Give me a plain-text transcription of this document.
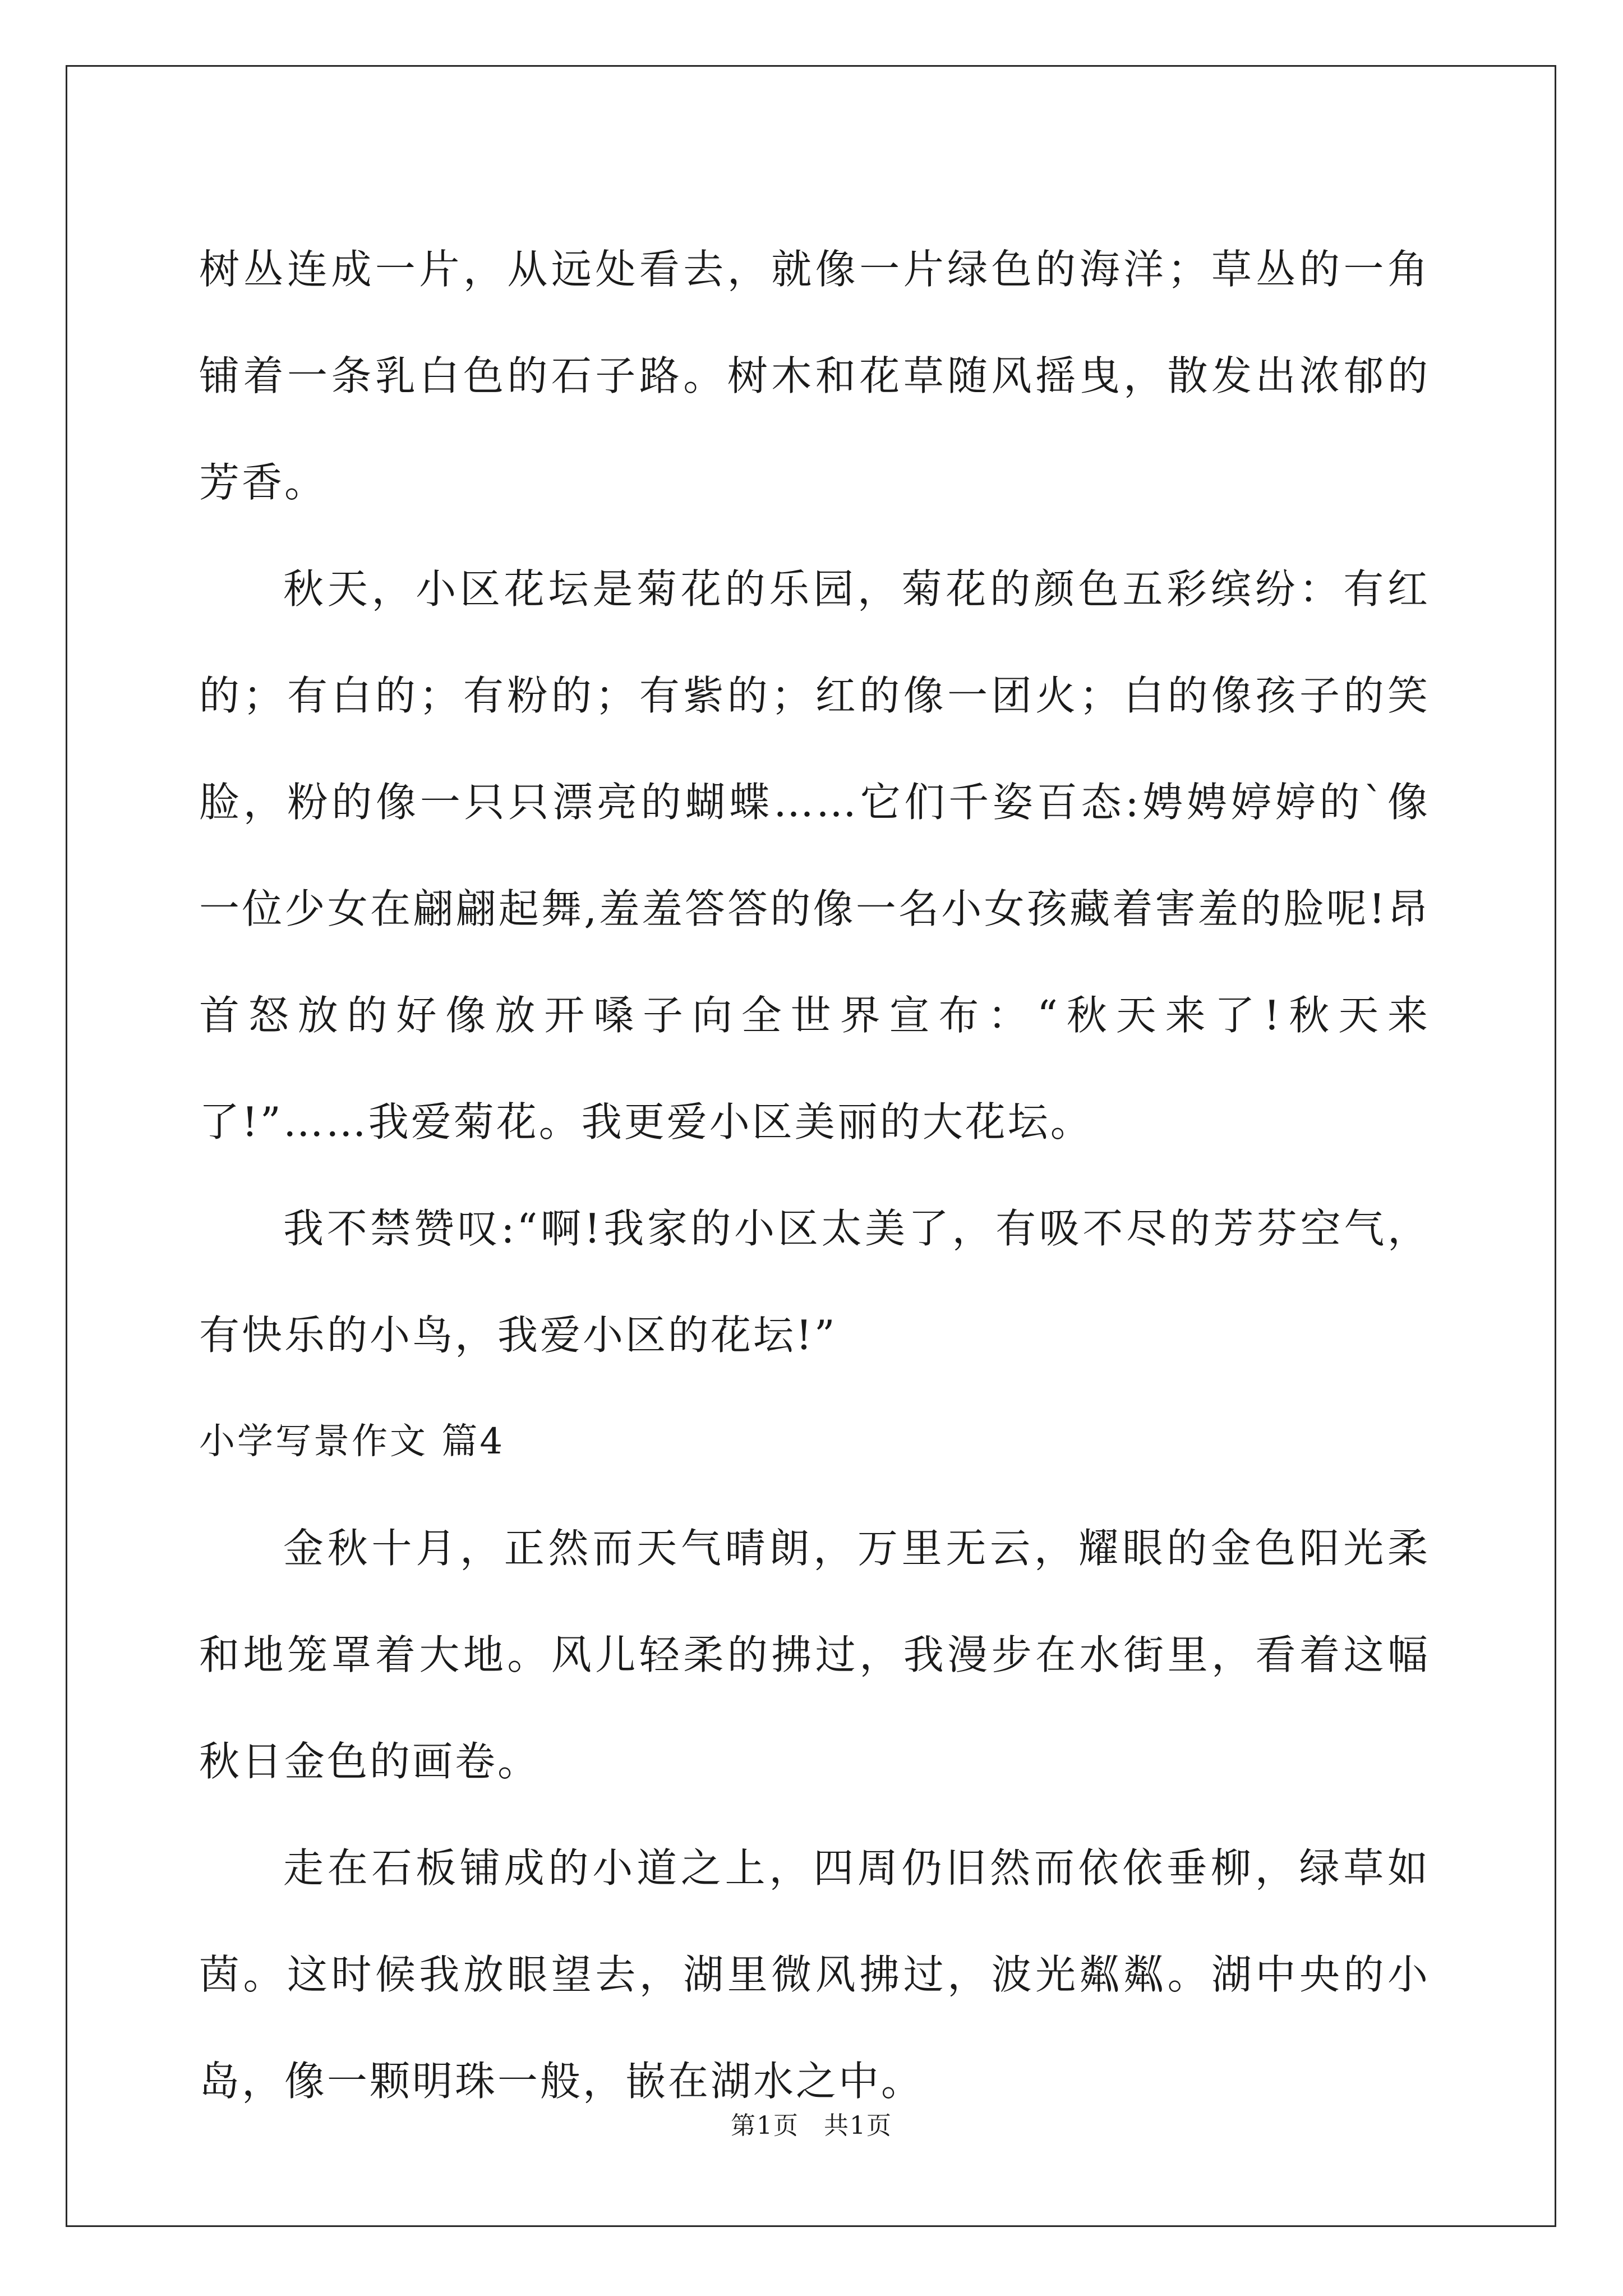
树丛连成一片，从远处看去，就像一片绿色的海洋；草丛的一角铺着一条乳白色的石子路。树木和花草随风摇曳，散发出浓郁的芳香。

秋天，小区花坛是菊花的乐园，菊花的颜色五彩缤纷：有红的；有白的；有粉的；有紫的；红的像一团火；白的像孩子的笑脸，粉的像一只只漂亮的蝴蝶……它们千姿百态:娉娉婷婷的`像一位少女在翩翩起舞,羞羞答答的像一名小女孩藏着害羞的脸呢!昂首怒放的好像放开嗓子向全世界宣布：“秋天来了!秋天来了!”……我爱菊花。我更爱小区美丽的大花坛。

我不禁赞叹:“啊!我家的小区太美了，有吸不尽的芳芬空气，有快乐的小鸟，我爱小区的花坛!”

小学写景作文 篇4

金秋十月，正然而天气晴朗，万里无云，耀眼的金色阳光柔和地笼罩着大地。风儿轻柔的拂过，我漫步在水街里，看着这幅秋日金色的画卷。

走在石板铺成的小道之上，四周仍旧然而依依垂柳，绿草如茵。这时候我放眼望去，湖里微风拂过，波光粼粼。湖中央的小岛，像一颗明珠一般，嵌在湖水之中。

第1页 共1页
